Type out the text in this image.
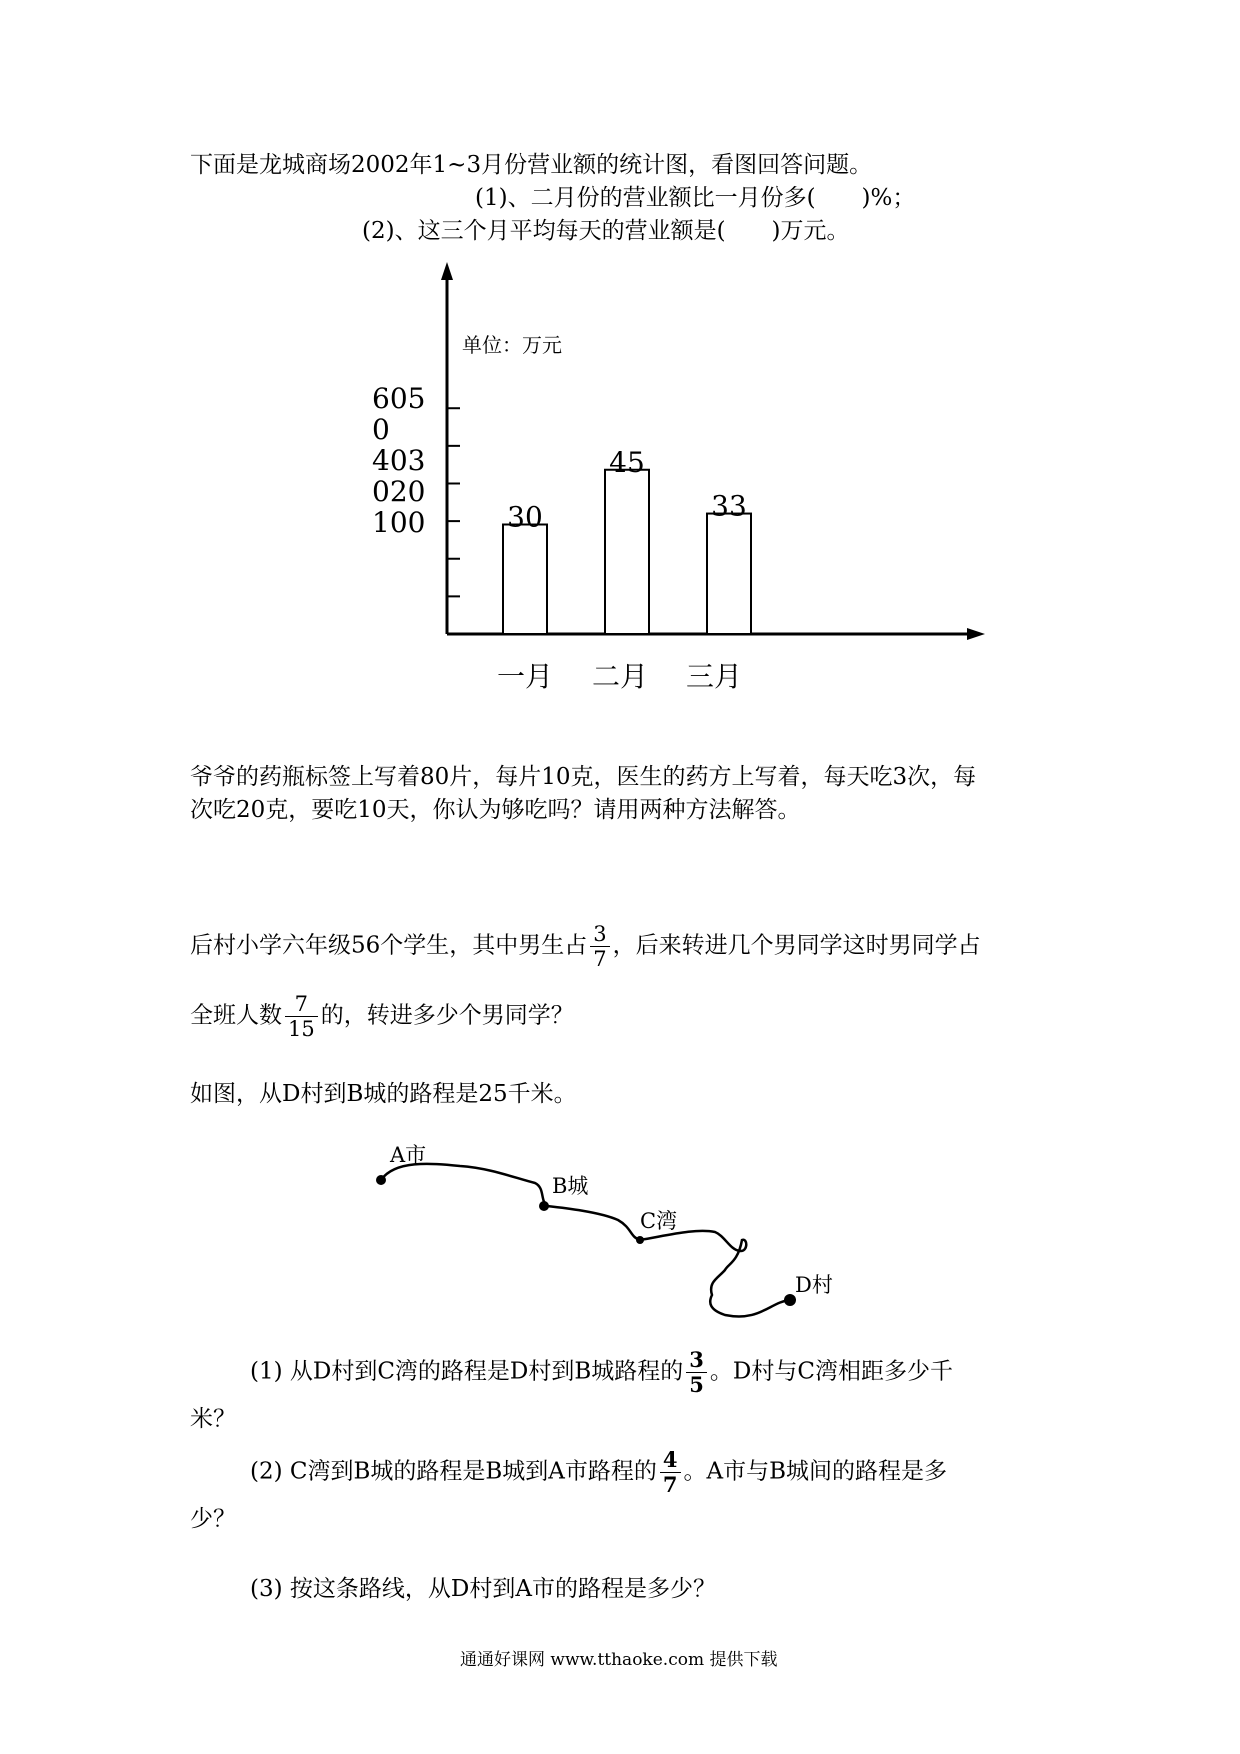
下面是龙城商场2002年1~3月份营业额的统计图，看图回答问题。
(1)、二月份的营业额比一月份多(　　)%；
(2)、这三个月平均每天的营业额是(　　)万元。
单位：万元
605
0
403
020
100	30
45
33
一月 二月 三月
爷爷的药瓶标签上写着80片，每片10克，医生的药方上写着，每天吃3次，每
次吃20克，要吃10天，你认为够吃吗？请用两种方法解答。
后村小学六年级56个学生，其中男生占 $\frac{3}{7}$ ，后来转进几个男同学这时男同学占
全班人数 $\frac{7}{15}$ 的，转进多少个男同学？
如图，从D村到B城的路程是25千米。
A市
B城
C湾
D村
(1) 从D村到C湾的路程是D村到B城路程的 $\frac{3}{5}$ 。D村与C湾相距多少千
米？
(2) C湾到B城的路程是B城到A市路程的 $\frac{4}{7}$ 。A市与B城间的路程是多
少？
(3) 按这条路线，从D村到A市的路程是多少？
通通好课网 www.tthaoke.com 提供下载
